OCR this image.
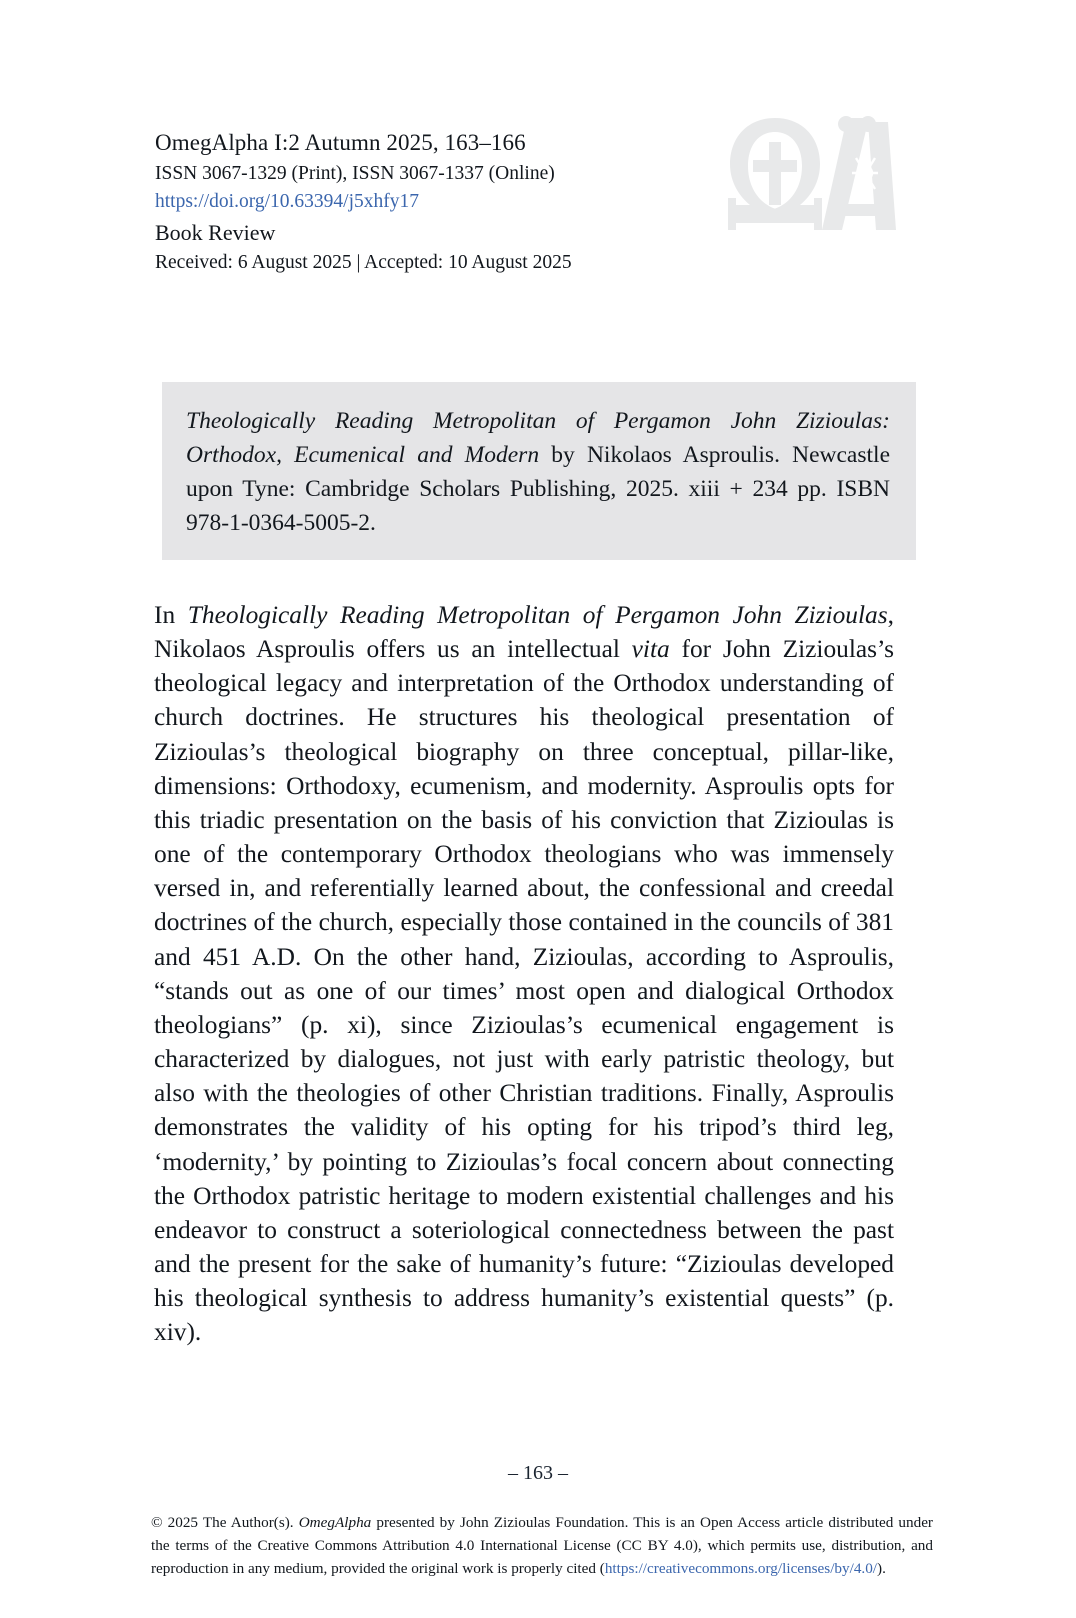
OmegAlpha I:2 Autumn 2025, 163–166
ISSN 3067-1329 (Print), ISSN 3067-1337 (Online)
https://doi.org/10.63394/j5xhfy17
Book Review
Received: 6 August 2025 | Accepted: 10 August 2025
Theologically Reading Metropolitan of Pergamon John Zizioulas: Orthodox, Ecumenical and Modern by Nikolaos Asproulis. Newcastle upon Tyne: Cambridge Scholars Publishing, 2025. xiii + 234 pp. ISBN 978-1-0364-5005-2.

In Theologically Reading Metropolitan of Pergamon John Zizioulas, Nikolaos Asproulis offers us an intellectual vita for John Zizioulas’s theological legacy and interpretation of the Orthodox understanding of church doctrines. He structures his theological presentation of Zizioulas’s theological biography on three conceptual, pillar-like, dimensions: Orthodoxy, ecumenism, and modernity. Asproulis opts for this triadic presentation on the basis of his conviction that Zizioulas is one of the contemporary Orthodox theologians who was immensely versed in, and referentially learned about, the confessional and creedal doctrines of the church, especially those contained in the councils of 381 and 451 A.D. On the other hand, Zizioulas, according to Asproulis, “stands out as one of our times’ most open and dialogical Orthodox theologians” (p. xi), since Zizioulas’s ecumenical engagement is characterized by dialogues, not just with early patristic theology, but also with the theologies of other Christian traditions. Finally, Asproulis demonstrates the validity of his opting for his tripod’s third leg, ‘modernity,’ by pointing to Zizioulas’s focal concern about connecting the Orthodox patristic heritage to modern existential challenges and his endeavor to construct a soteriological connectedness between the past and the present for the sake of humanity’s future: “Zizioulas developed his theological synthesis to address humanity’s existential quests” (p. xiv).

– 163 –
© 2025 The Author(s). OmegAlpha presented by John Zizioulas Foundation. This is an Open Access article distributed under the terms of the Creative Commons Attribution 4.0 International License (CC BY 4.0), which permits use, distribution, and reproduction in any medium, provided the original work is properly cited (https://creativecommons.org/licenses/by/4.0/).
